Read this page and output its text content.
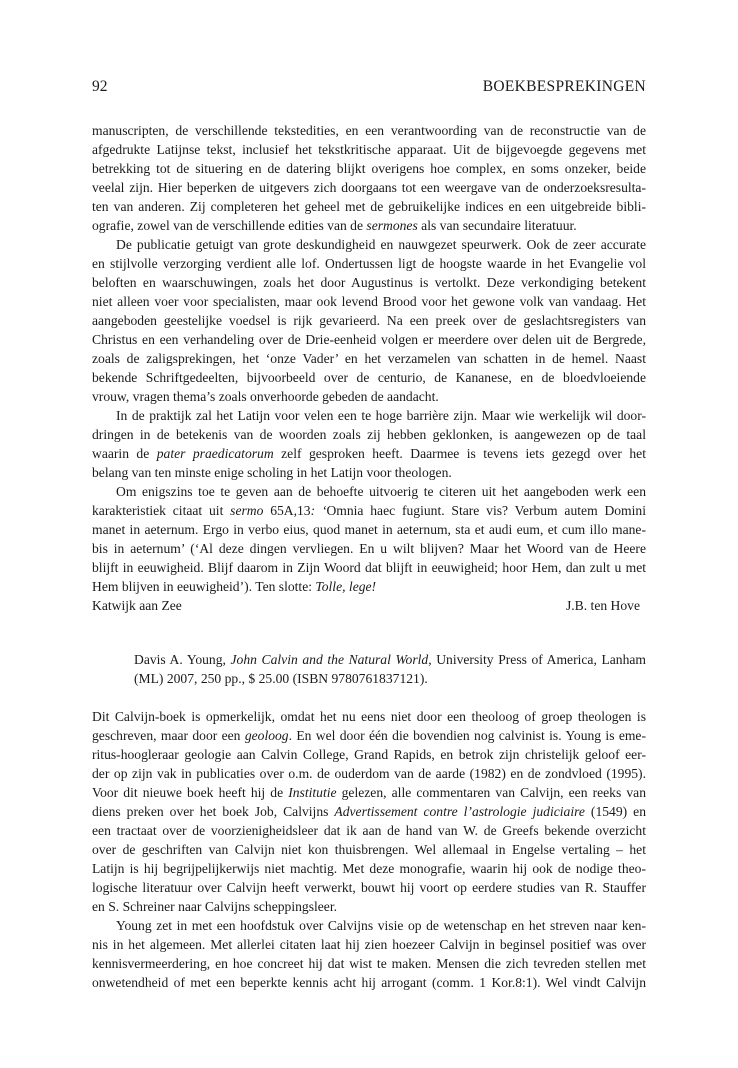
92	BOEKBESPREKINGEN
manuscripten, de verschillende tekstedities, en een verantwoording van de reconstructie van de
afgedrukte Latijnse tekst, inclusief het tekstkritische apparaat. Uit de bijgevoegde gegevens met
betrekking tot de situering en de datering blijkt overigens hoe complex, en soms onzeker, beide
veelal zijn. Hier beperken de uitgevers zich doorgaans tot een weergave van de onderzoeksresulta-
ten van anderen. Zij completeren het geheel met de gebruikelijke indices en een uitgebreide bibli-
ografie, zowel van de verschillende edities van de sermones als van secundaire literatuur.
De publicatie getuigt van grote deskundigheid en nauwgezet speurwerk. Ook de zeer accurate
en stijlvolle verzorging verdient alle lof. Ondertussen ligt de hoogste waarde in het Evangelie vol
beloften en waarschuwingen, zoals het door Augustinus is vertolkt. Deze verkondiging betekent
niet alleen voer voor specialisten, maar ook levend Brood voor het gewone volk van vandaag. Het
aangeboden geestelijke voedsel is rijk gevarieerd. Na een preek over de geslachtsregisters van
Christus en een verhandeling over de Drie-eenheid volgen er meerdere over delen uit de Bergrede,
zoals de zaligsprekingen, het ‘onze Vader’ en het verzamelen van schatten in de hemel. Naast
bekende Schriftgedeelten, bijvoorbeeld over de centurio, de Kananese, en de bloedvloeiende
vrouw, vragen thema’s zoals onverhoorde gebeden de aandacht.
In de praktijk zal het Latijn voor velen een te hoge barrière zijn. Maar wie werkelijk wil door-
dringen in de betekenis van de woorden zoals zij hebben geklonken, is aangewezen op de taal
waarin de pater praedicatorum zelf gesproken heeft. Daarmee is tevens iets gezegd over het
belang van ten minste enige scholing in het Latijn voor theologen.
Om enigszins toe te geven aan de behoefte uitvoerig te citeren uit het aangeboden werk een
karakteristiek citaat uit sermo 65A,13: ‘Omnia haec fugiunt. Stare vis? Verbum autem Domini
manet in aeternum. Ergo in verbo eius, quod manet in aeternum, sta et audi eum, et cum illo mane-
bis in aeternum’ (‘Al deze dingen vervliegen. En u wilt blijven? Maar het Woord van de Heere
blijft in eeuwigheid. Blijf daarom in Zijn Woord dat blijft in eeuwigheid; hoor Hem, dan zult u met
Hem blijven in eeuwigheid’). Ten slotte: Tolle, lege!
Katwijk aan Zee	J.B. ten Hove
Davis A. Young, John Calvin and the Natural World, University Press of America, Lanham
(ML) 2007, 250 pp., $ 25.00 (ISBN 9780761837121).
Dit Calvijn-boek is opmerkelijk, omdat het nu eens niet door een theoloog of groep theologen is
geschreven, maar door een geoloog. En wel door één die bovendien nog calvinist is. Young is eme-
ritus-hoogleraar geologie aan Calvin College, Grand Rapids, en betrok zijn christelijk geloof eer-
der op zijn vak in publicaties over o.m. de ouderdom van de aarde (1982) en de zondvloed (1995).
Voor dit nieuwe boek heeft hij de Institutie gelezen, alle commentaren van Calvijn, een reeks van
diens preken over het boek Job, Calvijns Advertissement contre l’astrologie judiciaire (1549) en
een tractaat over de voorzienigheidsleer dat ik aan de hand van W. de Greefs bekende overzicht
over de geschriften van Calvijn niet kon thuisbrengen. Wel allemaal in Engelse vertaling – het
Latijn is hij begrijpelijkerwijs niet machtig. Met deze monografie, waarin hij ook de nodige theo-
logische literatuur over Calvijn heeft verwerkt, bouwt hij voort op eerdere studies van R. Stauffer
en S. Schreiner naar Calvijns scheppingsleer.
Young zet in met een hoofdstuk over Calvijns visie op de wetenschap en het streven naar ken-
nis in het algemeen. Met allerlei citaten laat hij zien hoezeer Calvijn in beginsel positief was over
kennisvermeerdering, en hoe concreet hij dat wist te maken. Mensen die zich tevreden stellen met
onwetendheid of met een beperkte kennis acht hij arrogant (comm. 1 Kor.8:1). Wel vindt Calvijn
